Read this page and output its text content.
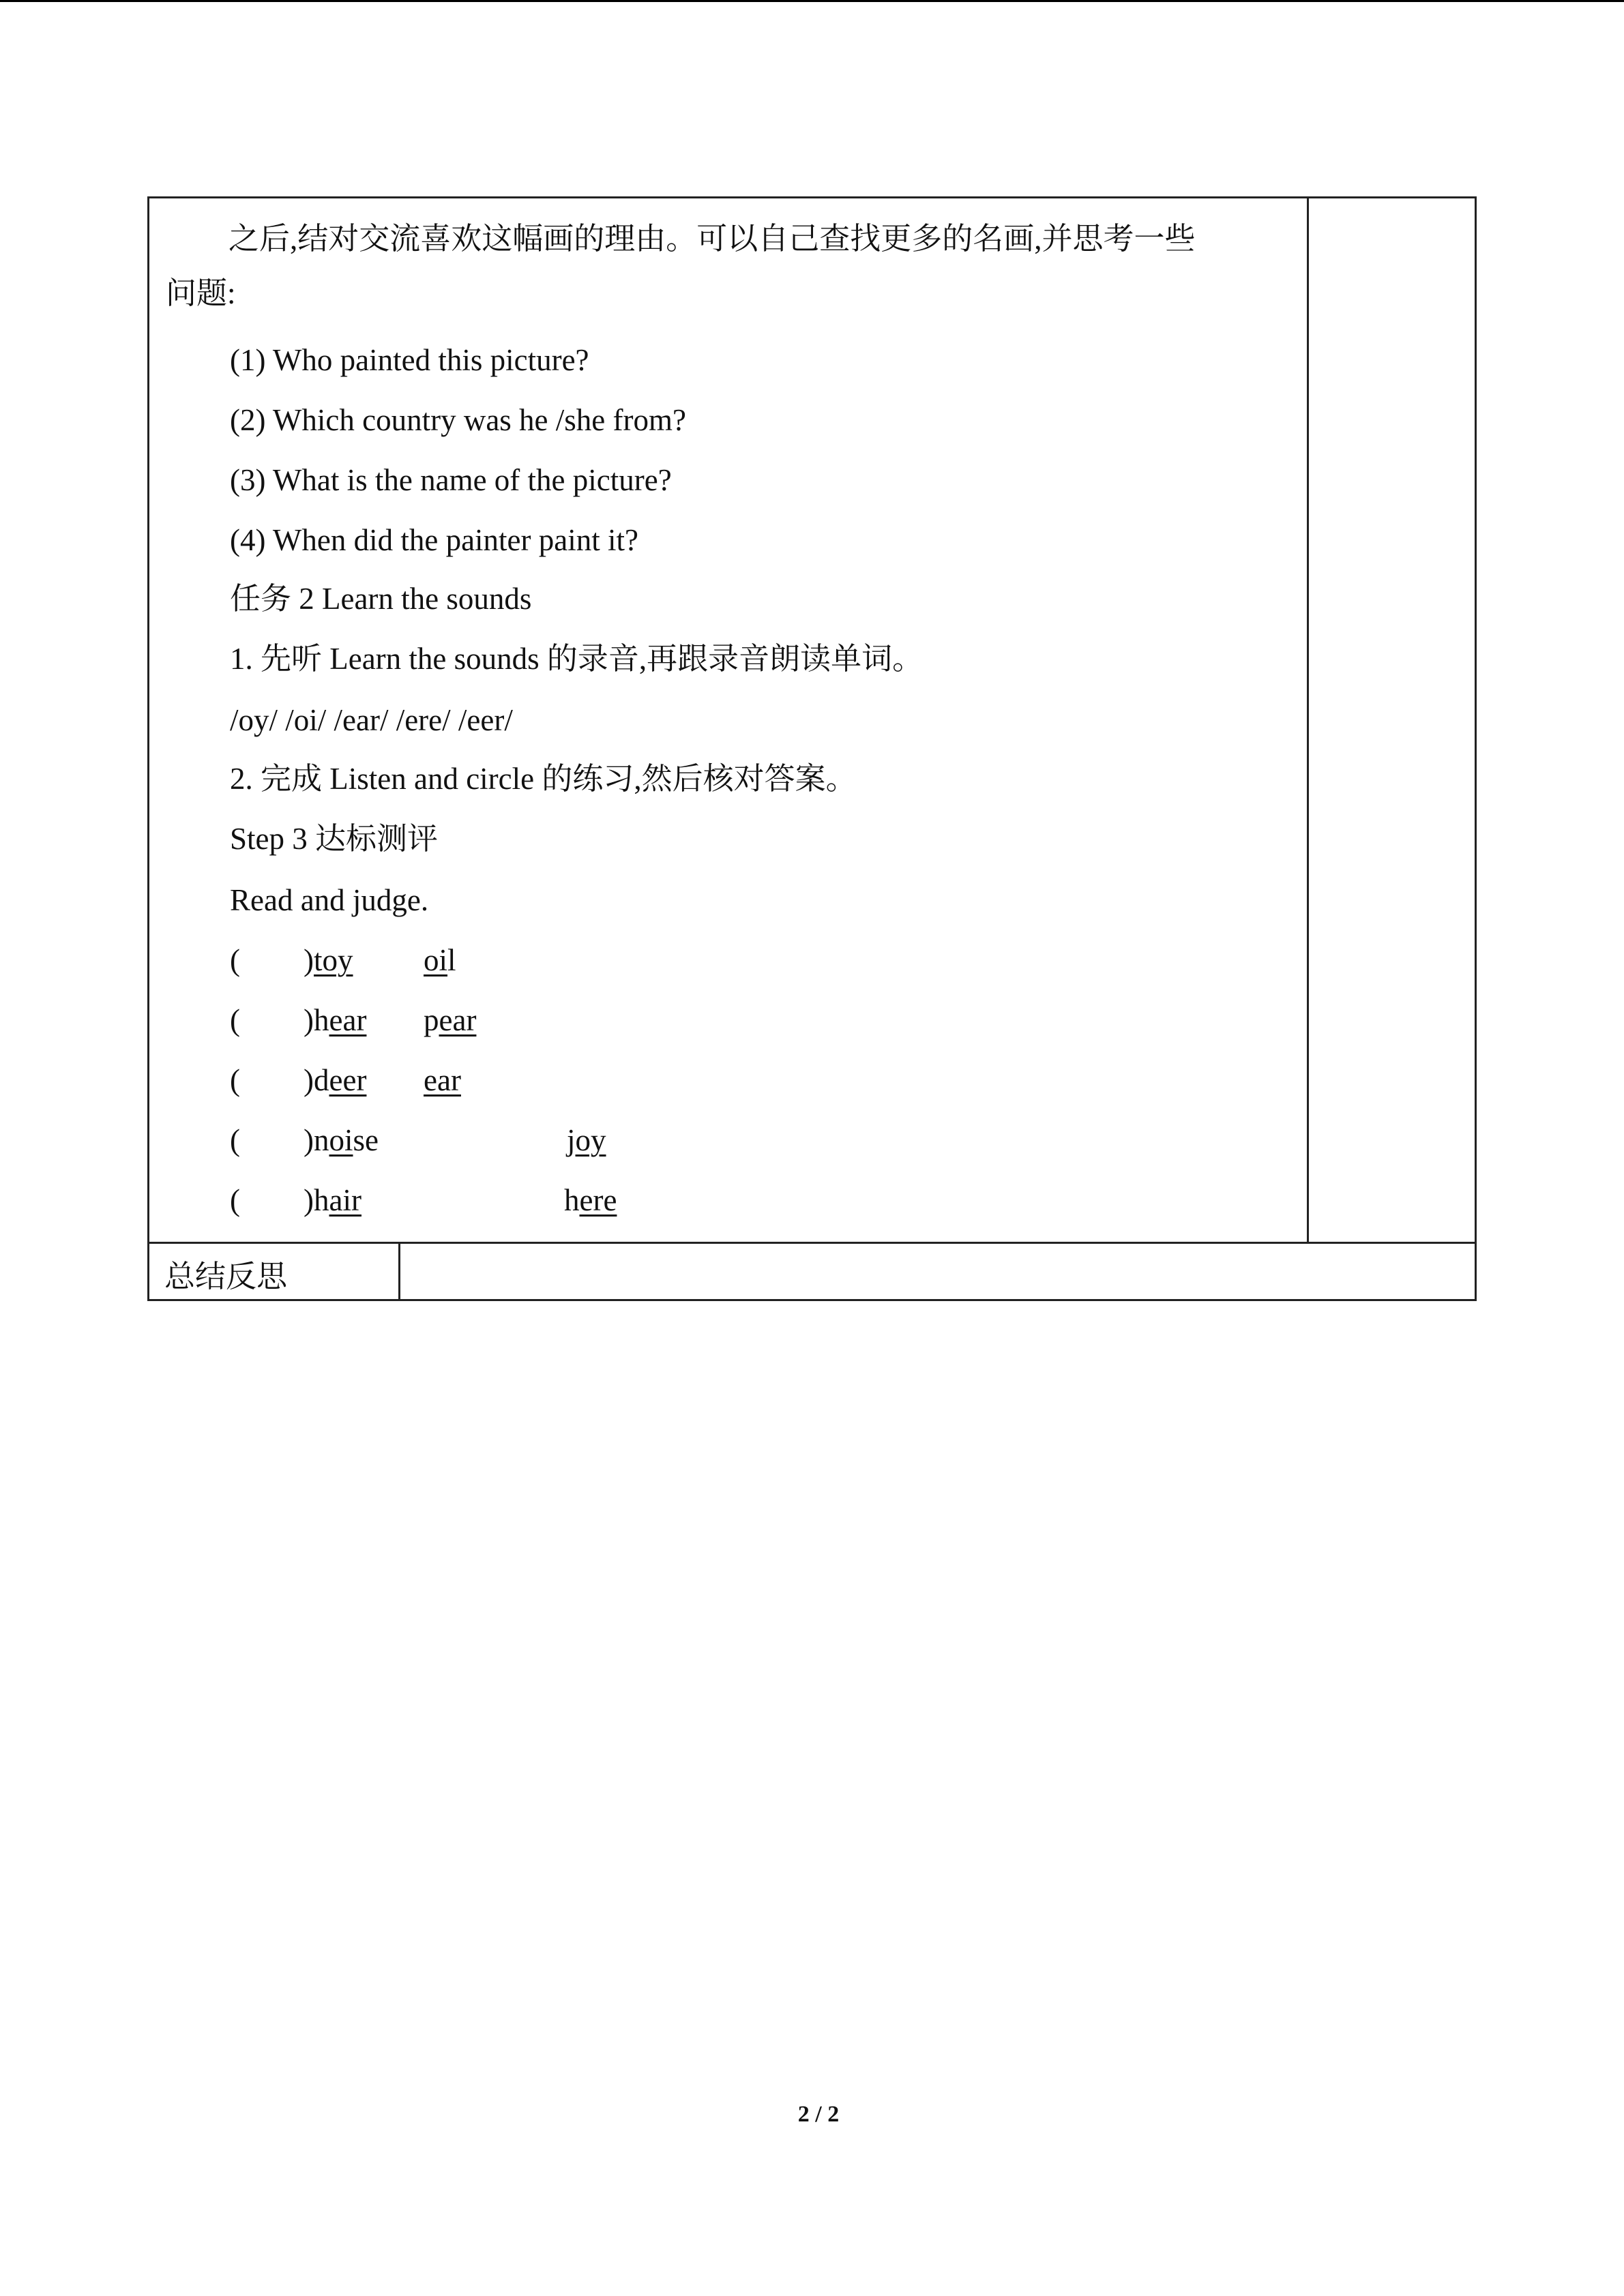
之后,结对交流喜欢这幅画的理由。可以自己查找更多的名画,并思考一些
问题:
(1) Who painted this picture?
(2) Which country was he /she from?
(3) What is the name of the picture?
(4) When did the painter paint it?
任务 2 Learn the sounds
1. 先听 Learn the sounds 的录音,再跟录音朗读单词。
/oy/ /oi/ /ear/ /ere/ /eer/
2. 完成 Listen and circle 的练习,然后核对答案。
Step 3 达标测评
Read and judge.
( )toy oil
( )hear pear
( )deer ear
( )noise	joy
( )hair	here
总结反思
2 / 2
